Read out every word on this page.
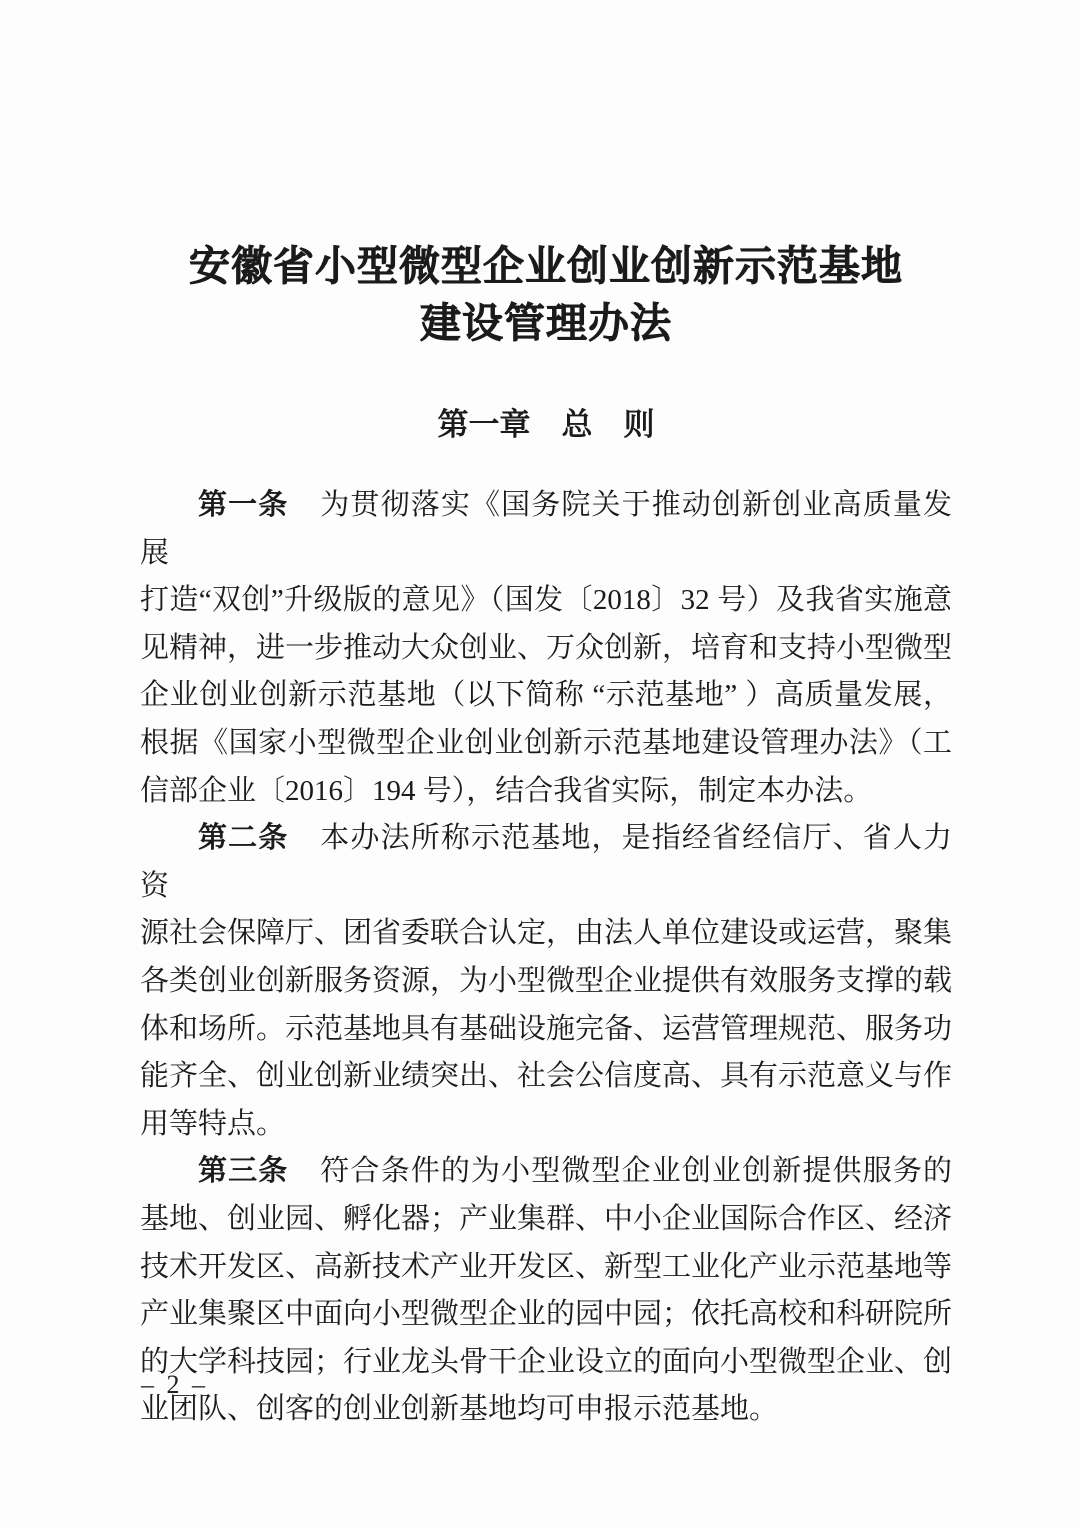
安徽省小型微型企业创业创新示范基地
建设管理办法
第一章　总　则
第一条 为贯彻落实《国务院关于推动创新创业高质量发展
打造“双创”升级版的意见》（国发〔2018〕32 号）及我省实施意
见精神，进一步推动大众创业、万众创新，培育和支持小型微型
企业创业创新示范基地（以下简称 “示范基地” ）高质量发展，
根据《国家小型微型企业创业创新示范基地建设管理办法》（工
信部企业〔2016〕194 号），结合我省实际，制定本办法。
第二条 本办法所称示范基地，是指经省经信厅、省人力资
源社会保障厅、团省委联合认定，由法人单位建设或运营，聚集
各类创业创新服务资源，为小型微型企业提供有效服务支撑的载
体和场所。示范基地具有基础设施完备、运营管理规范、服务功
能齐全、创业创新业绩突出、社会公信度高、具有示范意义与作
用等特点。
第三条 符合条件的为小型微型企业创业创新提供服务的
基地、创业园、孵化器；产业集群、中小企业国际合作区、经济
技术开发区、高新技术产业开发区、新型工业化产业示范基地等
产业集聚区中面向小型微型企业的园中园；依托高校和科研院所
的大学科技园；行业龙头骨干企业设立的面向小型微型企业、创
业团队、创客的创业创新基地均可申报示范基地。
– 2 –
